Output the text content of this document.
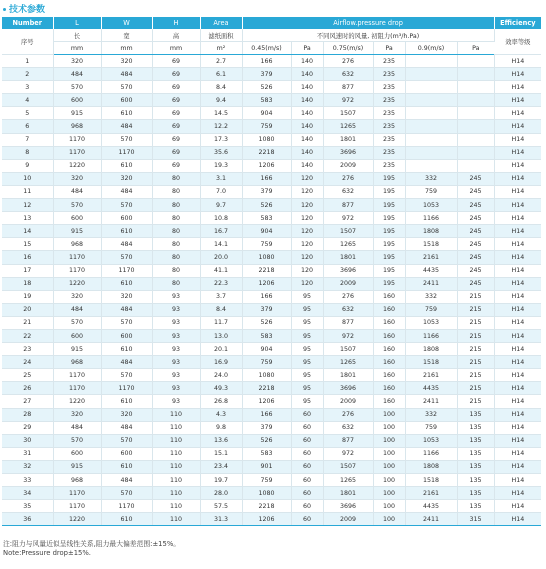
技术参数
Number	L	W	H	Area	Airflow.pressure drop						Efficiency
序号	长	宽	高	滤纸面积	不同风速时的风量, 初阻力(m³/h.Pa)						效率等级
	mm	mm	mm	m²	0.45(m/s)	Pa	0.75(m/s)	Pa	0.9(m/s)	Pa	
1	320	320	69	2.7	166	140	276	235			H14
2	484	484	69	6.1	379	140	632	235			H14
3	570	570	69	8.4	526	140	877	235			H14
4	600	600	69	9.4	583	140	972	235			H14
5	915	610	69	14.5	904	140	1507	235			H14
6	968	484	69	12.2	759	140	1265	235			H14
7	1170	570	69	17.3	1080	140	1801	235			H14
8	1170	1170	69	35.6	2218	140	3696	235			H14
9	1220	610	69	19.3	1206	140	2009	235			H14
10	320	320	80	3.1	166	120	276	195	332	245	H14
11	484	484	80	7.0	379	120	632	195	759	245	H14
12	570	570	80	9.7	526	120	877	195	1053	245	H14
13	600	600	80	10.8	583	120	972	195	1166	245	H14
14	915	610	80	16.7	904	120	1507	195	1808	245	H14
15	968	484	80	14.1	759	120	1265	195	1518	245	H14
16	1170	570	80	20.0	1080	120	1801	195	2161	245	H14
17	1170	1170	80	41.1	2218	120	3696	195	4435	245	H14
18	1220	610	80	22.3	1206	120	2009	195	2411	245	H14
19	320	320	93	3.7	166	95	276	160	332	215	H14
20	484	484	93	8.4	379	95	632	160	759	215	H14
21	570	570	93	11.7	526	95	877	160	1053	215	H14
22	600	600	93	13.0	583	95	972	160	1166	215	H14
23	915	610	93	20.1	904	95	1507	160	1808	215	H14
24	968	484	93	16.9	759	95	1265	160	1518	215	H14
25	1170	570	93	24.0	1080	95	1801	160	2161	215	H14
26	1170	1170	93	49.3	2218	95	3696	160	4435	215	H14
27	1220	610	93	26.8	1206	95	2009	160	2411	215	H14
28	320	320	110	4.3	166	60	276	100	332	135	H14
29	484	484	110	9.8	379	60	632	100	759	135	H14
30	570	570	110	13.6	526	60	877	100	1053	135	H14
31	600	600	110	15.1	583	60	972	100	1166	135	H14
32	915	610	110	23.4	901	60	1507	100	1808	135	H14
33	968	484	110	19.7	759	60	1265	100	1518	135	H14
34	1170	570	110	28.0	1080	60	1801	100	2161	135	H14
35	1170	1170	110	57.5	2218	60	3696	100	4435	135	H14
36	1220	610	110	31.3	1206	60	2009	100	2411	315	H14
注:阻力与风量近似呈线性关系,阻力最大偏差范围:±15%。
Note:Pressure drop±15%.
